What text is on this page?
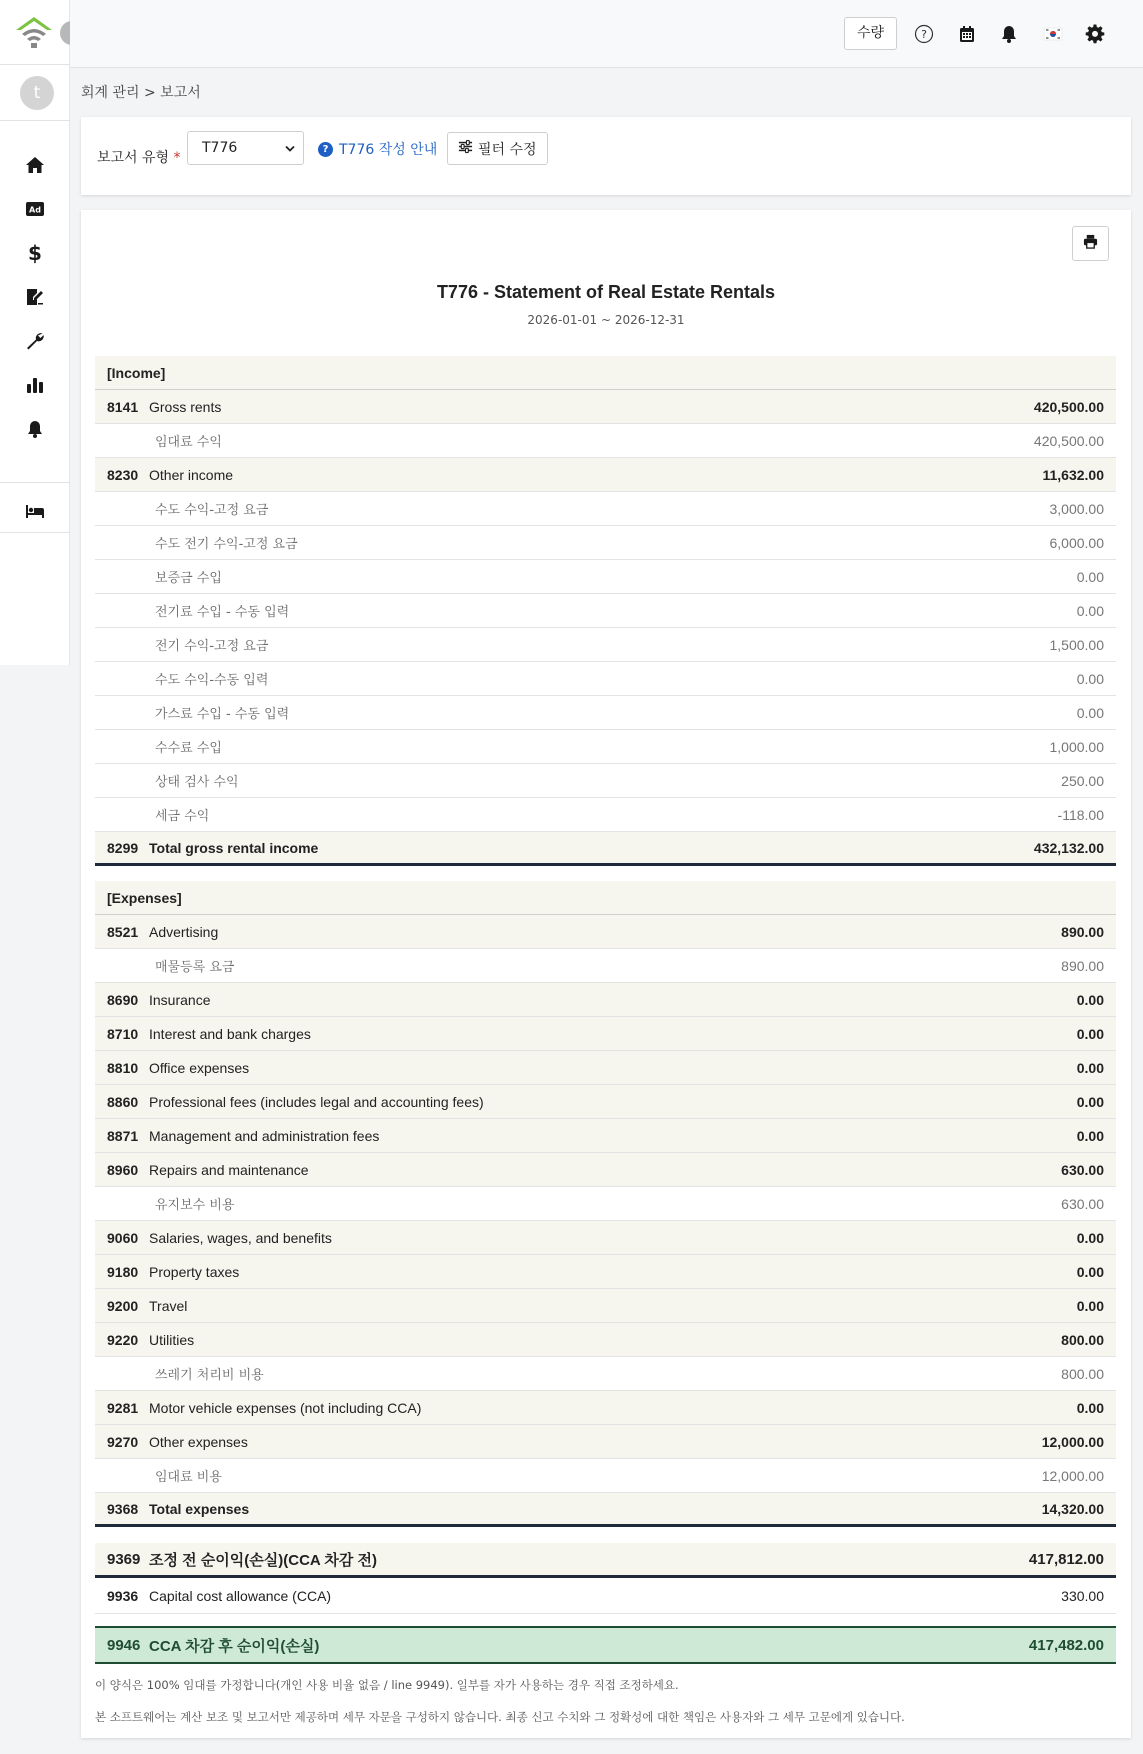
t
Ad
$
수량	?
회계 관리 > 보고서
보고서 유형 *
T776	? T776 작성 안내	필터 수정
T776 - Statement of Real Estate Rentals
2026-01-01 ~ 2026-12-31
[Income]
8141 Gross rents	420,500.00
임대료 수익	420,500.00
8230 Other income	11,632.00
수도 수익-고정 요금	3,000.00
수도 전기 수익-고정 요금	6,000.00
보증금 수입	0.00
전기료 수입 - 수동 입력	0.00
전기 수익-고정 요금	1,500.00
수도 수익-수동 입력	0.00
가스료 수입 - 수동 입력	0.00
수수료 수입	1,000.00
상태 검사 수익	250.00
세금 수익	-118.00
8299 Total gross rental income	432,132.00
[Expenses]
8521 Advertising	890.00
매물등록 요금	890.00
8690 Insurance	0.00
8710 Interest and bank charges	0.00
8810 Office expenses	0.00
8860 Professional fees (includes legal and accounting fees)	0.00
8871 Management and administration fees	0.00
8960 Repairs and maintenance	630.00
유지보수 비용	630.00
9060 Salaries, wages, and benefits	0.00
9180 Property taxes	0.00
9200 Travel	0.00
9220 Utilities	800.00
쓰레기 처리비 비용	800.00
9281 Motor vehicle expenses (not including CCA)	0.00
9270 Other expenses	12,000.00
임대료 비용	12,000.00
9368 Total expenses	14,320.00
9369 조정 전 순이익(손실)(CCA 차감 전)	417,812.00
9936 Capital cost allowance (CCA)	330.00
9946 CCA 차감 후 순이익(손실)	417,482.00
이 양식은 100% 임대를 가정합니다(개인 사용 비율 없음 / line 9949). 일부를 자가 사용하는 경우 직접 조정하세요.
본 소프트웨어는 계산 보조 및 보고서만 제공하며 세무 자문을 구성하지 않습니다. 최종 신고 수치와 그 정확성에 대한 책임은 사용자와 그 세무 고문에게 있습니다.
